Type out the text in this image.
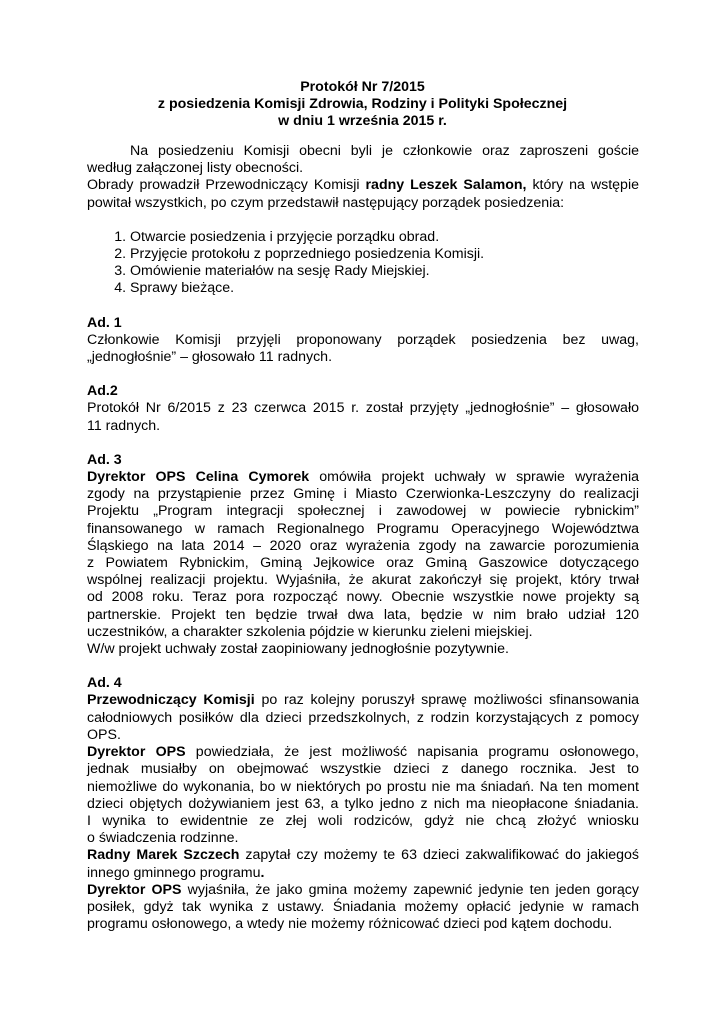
Protokół Nr 7/2015
z posiedzenia Komisji Zdrowia, Rodziny i Polityki Społecznej
w dniu 1 września 2015 r.

Na posiedzeniu Komisji obecni byli je członkowie oraz zaproszeni goście

według załączonej listy obecności.

Obrady prowadził Przewodniczący Komisji radny Leszek Salamon, który na wstępie

powitał wszystkich, po czym przedstawił następujący porządek posiedzenia:

1. Otwarcie posiedzenia i przyjęcie porządku obrad.
2. Przyjęcie protokołu z poprzedniego posiedzenia Komisji.
3. Omówienie materiałów na sesję Rady Miejskiej.
4. Sprawy bieżące.

Ad. 1

Członkowie Komisji przyjęli proponowany porządek posiedzenia bez uwag,

„jednogłośnie” – głosowało 11 radnych.

Ad.2

Protokół Nr 6/2015 z 23 czerwca 2015 r. został przyjęty „jednogłośnie” – głosowało

11 radnych.

Ad. 3

Dyrektor OPS Celina Cymorek omówiła projekt uchwały w sprawie wyrażenia

zgody na przystąpienie przez Gminę i Miasto Czerwionka-Leszczyny do realizacji

Projektu „Program integracji społecznej i zawodowej w powiecie rybnickim”

finansowanego w ramach Regionalnego Programu Operacyjnego Województwa

Śląskiego na lata 2014 – 2020 oraz wyrażenia zgody na zawarcie porozumienia

z Powiatem Rybnickim, Gminą Jejkowice oraz Gminą Gaszowice dotyczącego

wspólnej realizacji projektu. Wyjaśniła, że akurat zakończył się projekt, który trwał

od 2008 roku. Teraz pora rozpocząć nowy. Obecnie wszystkie nowe projekty są

partnerskie. Projekt ten będzie trwał dwa lata, będzie w nim brało udział 120

uczestników, a charakter szkolenia pójdzie w kierunku zieleni miejskiej.

W/w projekt uchwały został zaopiniowany jednogłośnie pozytywnie.

Ad. 4

Przewodniczący Komisji po raz kolejny poruszył sprawę możliwości sfinansowania

całodniowych posiłków dla dzieci przedszkolnych, z rodzin korzystających z pomocy

OPS.

Dyrektor OPS powiedziała, że jest możliwość napisania programu osłonowego,

jednak musiałby on obejmować wszystkie dzieci z danego rocznika. Jest to

niemożliwe do wykonania, bo w niektórych po prostu nie ma śniadań. Na ten moment

dzieci objętych dożywianiem jest 63, a tylko jedno z nich ma nieopłacone śniadania.

I wynika to ewidentnie ze złej woli rodziców, gdyż nie chcą złożyć wniosku

o świadczenia rodzinne.

Radny Marek Szczech zapytał czy możemy te 63 dzieci zakwalifikować do jakiegoś

innego gminnego programu.

Dyrektor OPS wyjaśniła, że jako gmina możemy zapewnić jedynie ten jeden gorący

posiłek, gdyż tak wynika z ustawy. Śniadania możemy opłacić jedynie w ramach

programu osłonowego, a wtedy nie możemy różnicować dzieci pod kątem dochodu.
